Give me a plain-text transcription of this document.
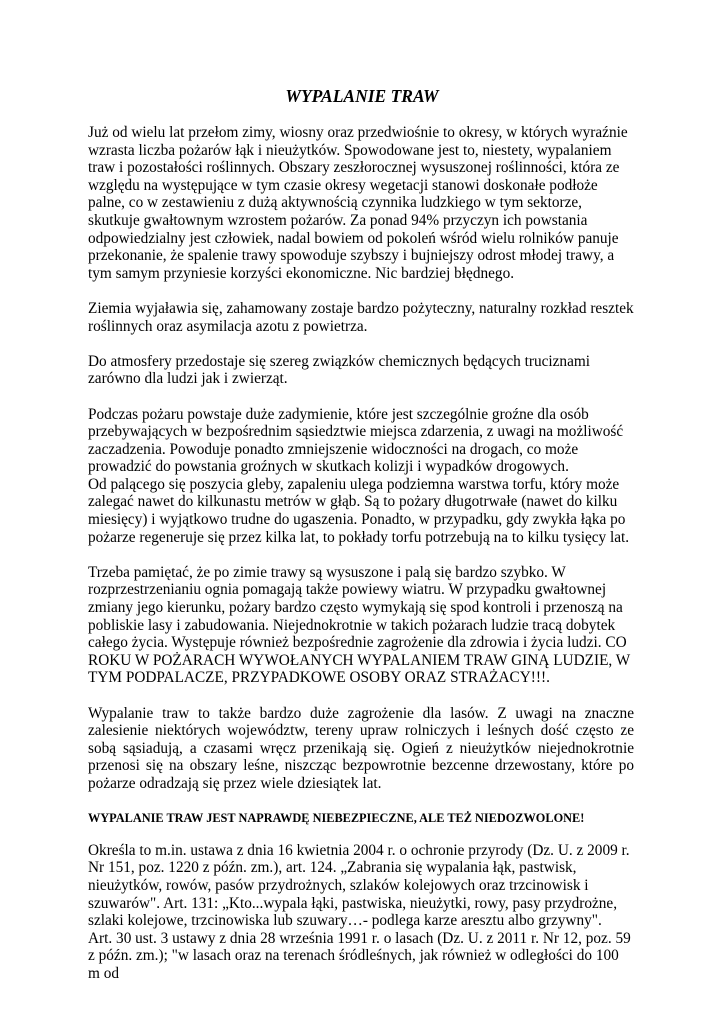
WYPALANIE TRAW

Już od wielu lat przełom zimy, wiosny oraz przedwiośnie to okresy, w których wyraźnie wzrasta liczba pożarów łąk i nieużytków. Spowodowane jest to, niestety, wypalaniem traw i pozostałości roślinnych. Obszary zeszłorocznej wysuszonej roślinności, która ze względu na występujące w tym czasie okresy wegetacji stanowi doskonałe podłoże palne, co w zestawieniu z dużą aktywnością czynnika ludzkiego w tym sektorze, skutkuje gwałtownym wzrostem pożarów. Za ponad 94% przyczyn ich powstania odpowiedzialny jest człowiek, nadal bowiem od pokoleń wśród wielu rolników panuje przekonanie, że spalenie trawy spowoduje szybszy i bujniejszy odrost młodej trawy, a tym samym przyniesie korzyści ekonomiczne. Nic bardziej błędnego.

Ziemia wyjaławia się, zahamowany zostaje bardzo pożyteczny, naturalny rozkład resztek roślinnych oraz asymilacja azotu z powietrza.

Do atmosfery przedostaje się szereg związków chemicznych będących truciznami zarówno dla ludzi jak i zwierząt.

Podczas pożaru powstaje duże zadymienie, które jest szczególnie groźne dla osób przebywających w bezpośrednim sąsiedztwie miejsca zdarzenia, z uwagi na możliwość zaczadzenia. Powoduje ponadto zmniejszenie widoczności na drogach, co może prowadzić do powstania groźnych w skutkach kolizji i wypadków drogowych.

Od palącego się poszycia gleby, zapaleniu ulega podziemna warstwa torfu, który może zalegać nawet do kilkunastu metrów w głąb. Są to pożary długotrwałe (nawet do kilku miesięcy) i wyjątkowo trudne do ugaszenia. Ponadto, w przypadku, gdy zwykła łąka po pożarze regeneruje się przez kilka lat, to pokłady torfu potrzebują na to kilku tysięcy lat.

Trzeba pamiętać, że po zimie trawy są wysuszone i palą się bardzo szybko. W rozprzestrzenianiu ognia pomagają także powiewy wiatru. W przypadku gwałtownej zmiany jego kierunku, pożary bardzo często wymykają się spod kontroli i przenoszą na pobliskie lasy i zabudowania. Niejednokrotnie w takich pożarach ludzie tracą dobytek całego życia. Występuje również bezpośrednie zagrożenie dla zdrowia i życia ludzi. CO ROKU W POŻARACH WYWOŁANYCH WYPALANIEM TRAW GINĄ LUDZIE, W TYM PODPALACZE, PRZYPADKOWE OSOBY ORAZ STRAŻACY!!!.

Wypalanie traw to także bardzo duże zagrożenie dla lasów. Z uwagi na znaczne zalesienie niektórych województw, tereny upraw rolniczych i leśnych dość często ze sobą sąsiadują, a czasami wręcz przenikają się. Ogień z nieużytków niejednokrotnie przenosi się na obszary leśne, niszcząc bezpowrotnie bezcenne drzewostany, które po pożarze odradzają się przez wiele dziesiątek lat.

WYPALANIE TRAW JEST NAPRAWDĘ NIEBEZPIECZNE, ALE TEŻ NIEDOZWOLONE!

Określa to m.in. ustawa z dnia 16 kwietnia 2004 r. o ochronie przyrody (Dz. U. z 2009 r. Nr 151, poz. 1220 z późn. zm.), art. 124. „Zabrania się wypalania łąk, pastwisk, nieużytków, rowów, pasów przydrożnych, szlaków kolejowych oraz trzcinowisk i szuwarów". Art. 131: „Kto...wypala łąki, pastwiska, nieużytki, rowy, pasy przydrożne, szlaki kolejowe, trzcinowiska lub szuwary…- podlega karze aresztu albo grzywny".

Art. 30 ust. 3 ustawy z dnia 28 września 1991 r. o lasach (Dz. U. z 2011 r. Nr 12, poz. 59 z późn. zm.); "w lasach oraz na terenach śródleśnych, jak również w odległości do 100 m od
